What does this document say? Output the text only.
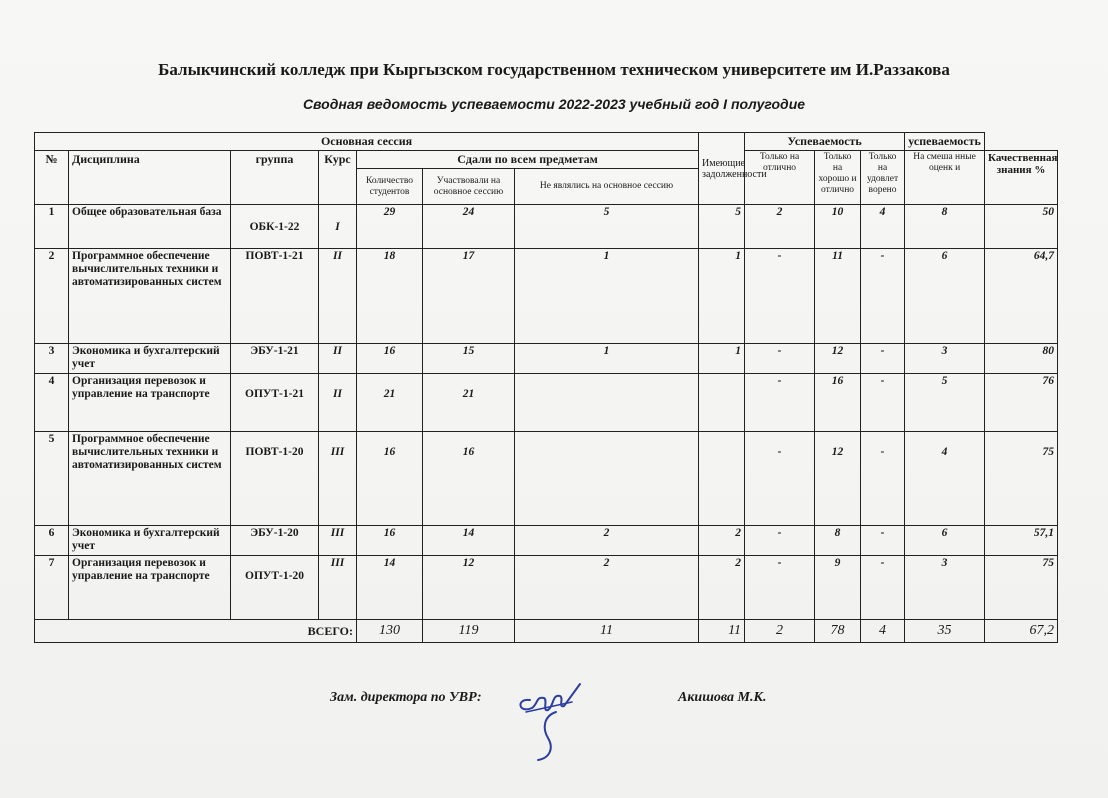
Балыкчинский колледж при Кыргызском государственном техническом университете им И.Раззакова
Сводная ведомость успеваемости 2022-2023 учебный год I полугодие
Основная сессия							Имеющие задолженности	Успеваемость			успеваемость	
№	Дисциплина	группа	Курс	Сдали по всем предметам				Только на отлично	Только на хорошо и отлично	Только на удовлет ворено	На смеша нные оценк и	Качественная знания %
				Количество студентов	Участвовали на основное сессию	Не являлись на основное сессию						
1	Общее образовательная база	ОБК-1-22	I	29	24	5	5	2	10	4	8	50
2	Программное обеспечение вычислительных техники и автоматизированных систем	ПОВТ-1-21	II	18	17	1	1	-	11	-	6	64,7
3	Экономика и бухгалтерский учет	ЭБУ-1-21	II	16	15	1	1	-	12	-	3	80
4	Организация перевозок и управление на транспорте	ОПУТ-1-21	II	21	21			-	16	-	5	76
5	Программное обеспечение вычислительных техники и автоматизированных систем	ПОВТ-1-20	III	16	16			-	12	-	4	75
6	Экономика и бухгалтерский учет	ЭБУ-1-20	III	16	14	2	2	-	8	-	6	57,1
7	Организация перевозок и управление на транспорте	ОПУТ-1-20	III	14	12	2	2	-	9	-	3	75
ВСЕГО:				130	119	11	11	2	78	4	35	67,2
Зам. директора по УВР:	Акишова М.К.
